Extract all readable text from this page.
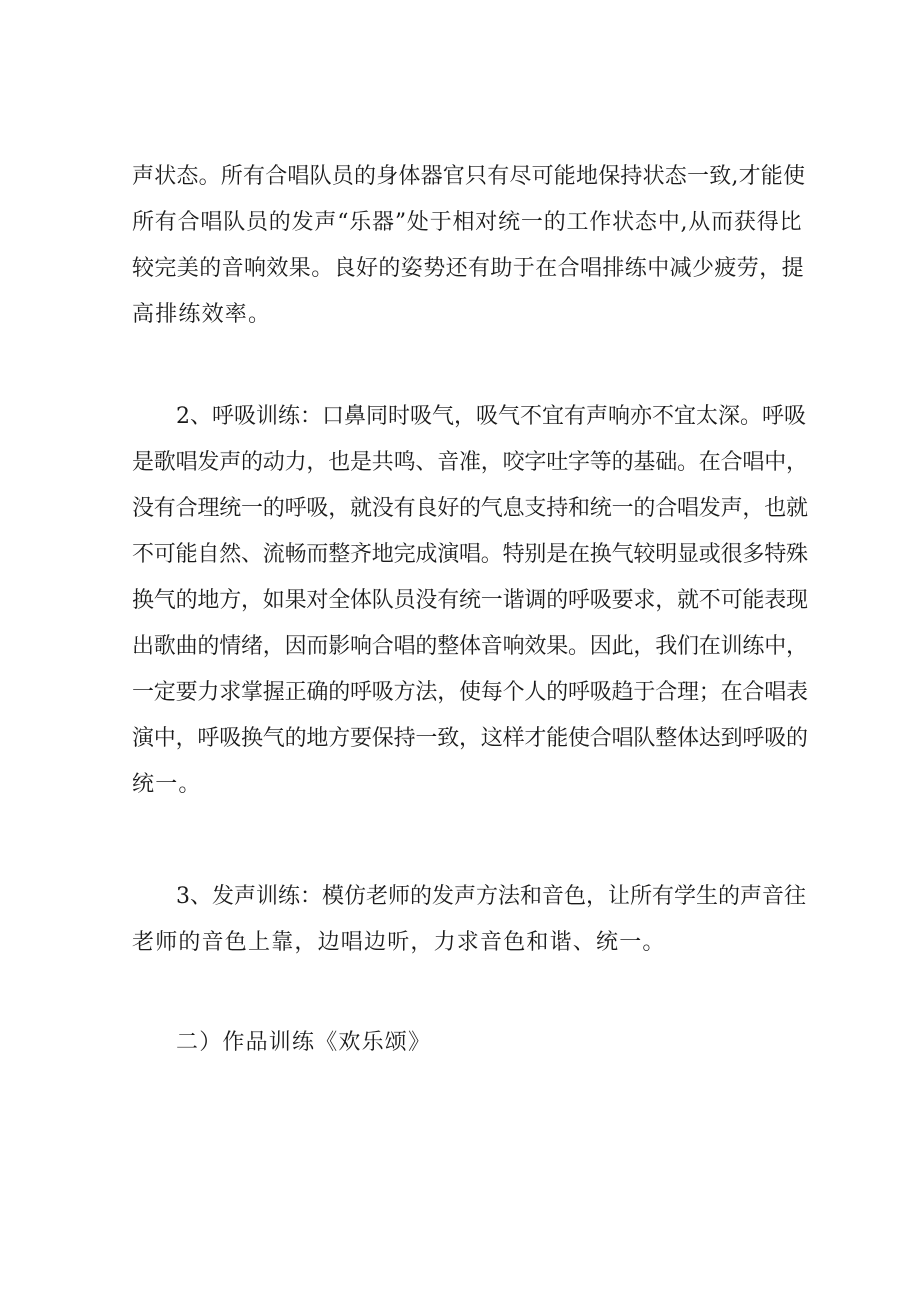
声状态。所有合唱队员的身体器官只有尽可能地保持状态一致,才能使
所有合唱队员的发声“乐器”处于相对统一的工作状态中,从而获得比
较完美的音响效果。良好的姿势还有助于在合唱排练中减少疲劳，提
高排练效率。
2、呼吸训练：口鼻同时吸气，吸气不宜有声响亦不宜太深。呼吸
是歌唱发声的动力，也是共鸣、音准，咬字吐字等的基础。在合唱中，
没有合理统一的呼吸，就没有良好的气息支持和统一的合唱发声，也就
不可能自然、流畅而整齐地完成演唱。特别是在换气较明显或很多特殊
换气的地方，如果对全体队员没有统一谐调的呼吸要求，就不可能表现
出歌曲的情绪，因而影响合唱的整体音响效果。因此，我们在训练中，
一定要力求掌握正确的呼吸方法，使每个人的呼吸趋于合理；在合唱表
演中，呼吸换气的地方要保持一致，这样才能使合唱队整体达到呼吸的
统一。
3、发声训练：模仿老师的发声方法和音色，让所有学生的声音往
老师的音色上靠，边唱边听，力求音色和谐、统一。
二）作品训练《欢乐颂》
